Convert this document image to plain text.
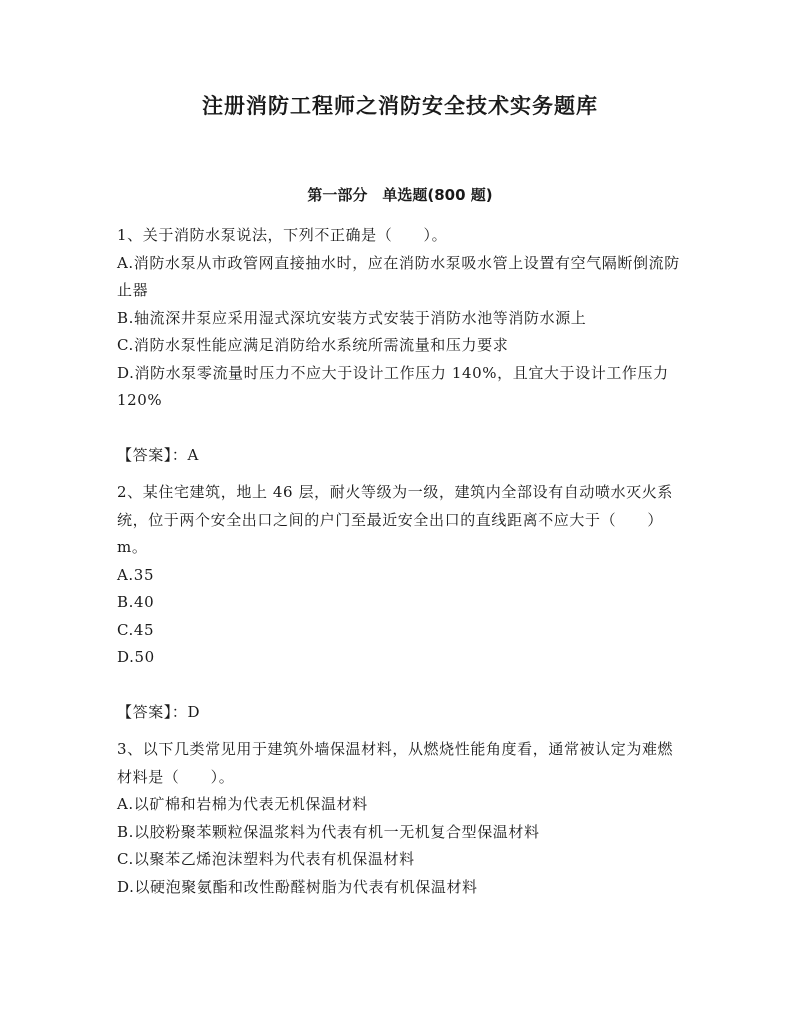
注册消防工程师之消防安全技术实务题库
第一部分　单选题(800 题)

1、关于消防水泵说法，下列不正确是（　　）。

A.消防水泵从市政管网直接抽水时，应在消防水泵吸水管上设置有空气隔断倒流防止器

B.轴流深井泵应采用湿式深坑安装方式安装于消防水池等消防水源上

C.消防水泵性能应满足消防给水系统所需流量和压力要求

D.消防水泵零流量时压力不应大于设计工作压力 140%，且宜大于设计工作压力 120%

【答案】：A

2、某住宅建筑，地上 46 层，耐火等级为一级，建筑内全部设有自动喷水灭火系统，位于两个安全出口之间的户门至最近安全出口的直线距离不应大于（　　）m。

A.35

B.40

C.45

D.50

【答案】：D

3、以下几类常见用于建筑外墙保温材料，从燃烧性能角度看，通常被认定为难燃材料是（　　）。

A.以矿棉和岩棉为代表无机保温材料

B.以胶粉聚苯颗粒保温浆料为代表有机一无机复合型保温材料

C.以聚苯乙烯泡沫塑料为代表有机保温材料

D.以硬泡聚氨酯和改性酚醛树脂为代表有机保温材料
